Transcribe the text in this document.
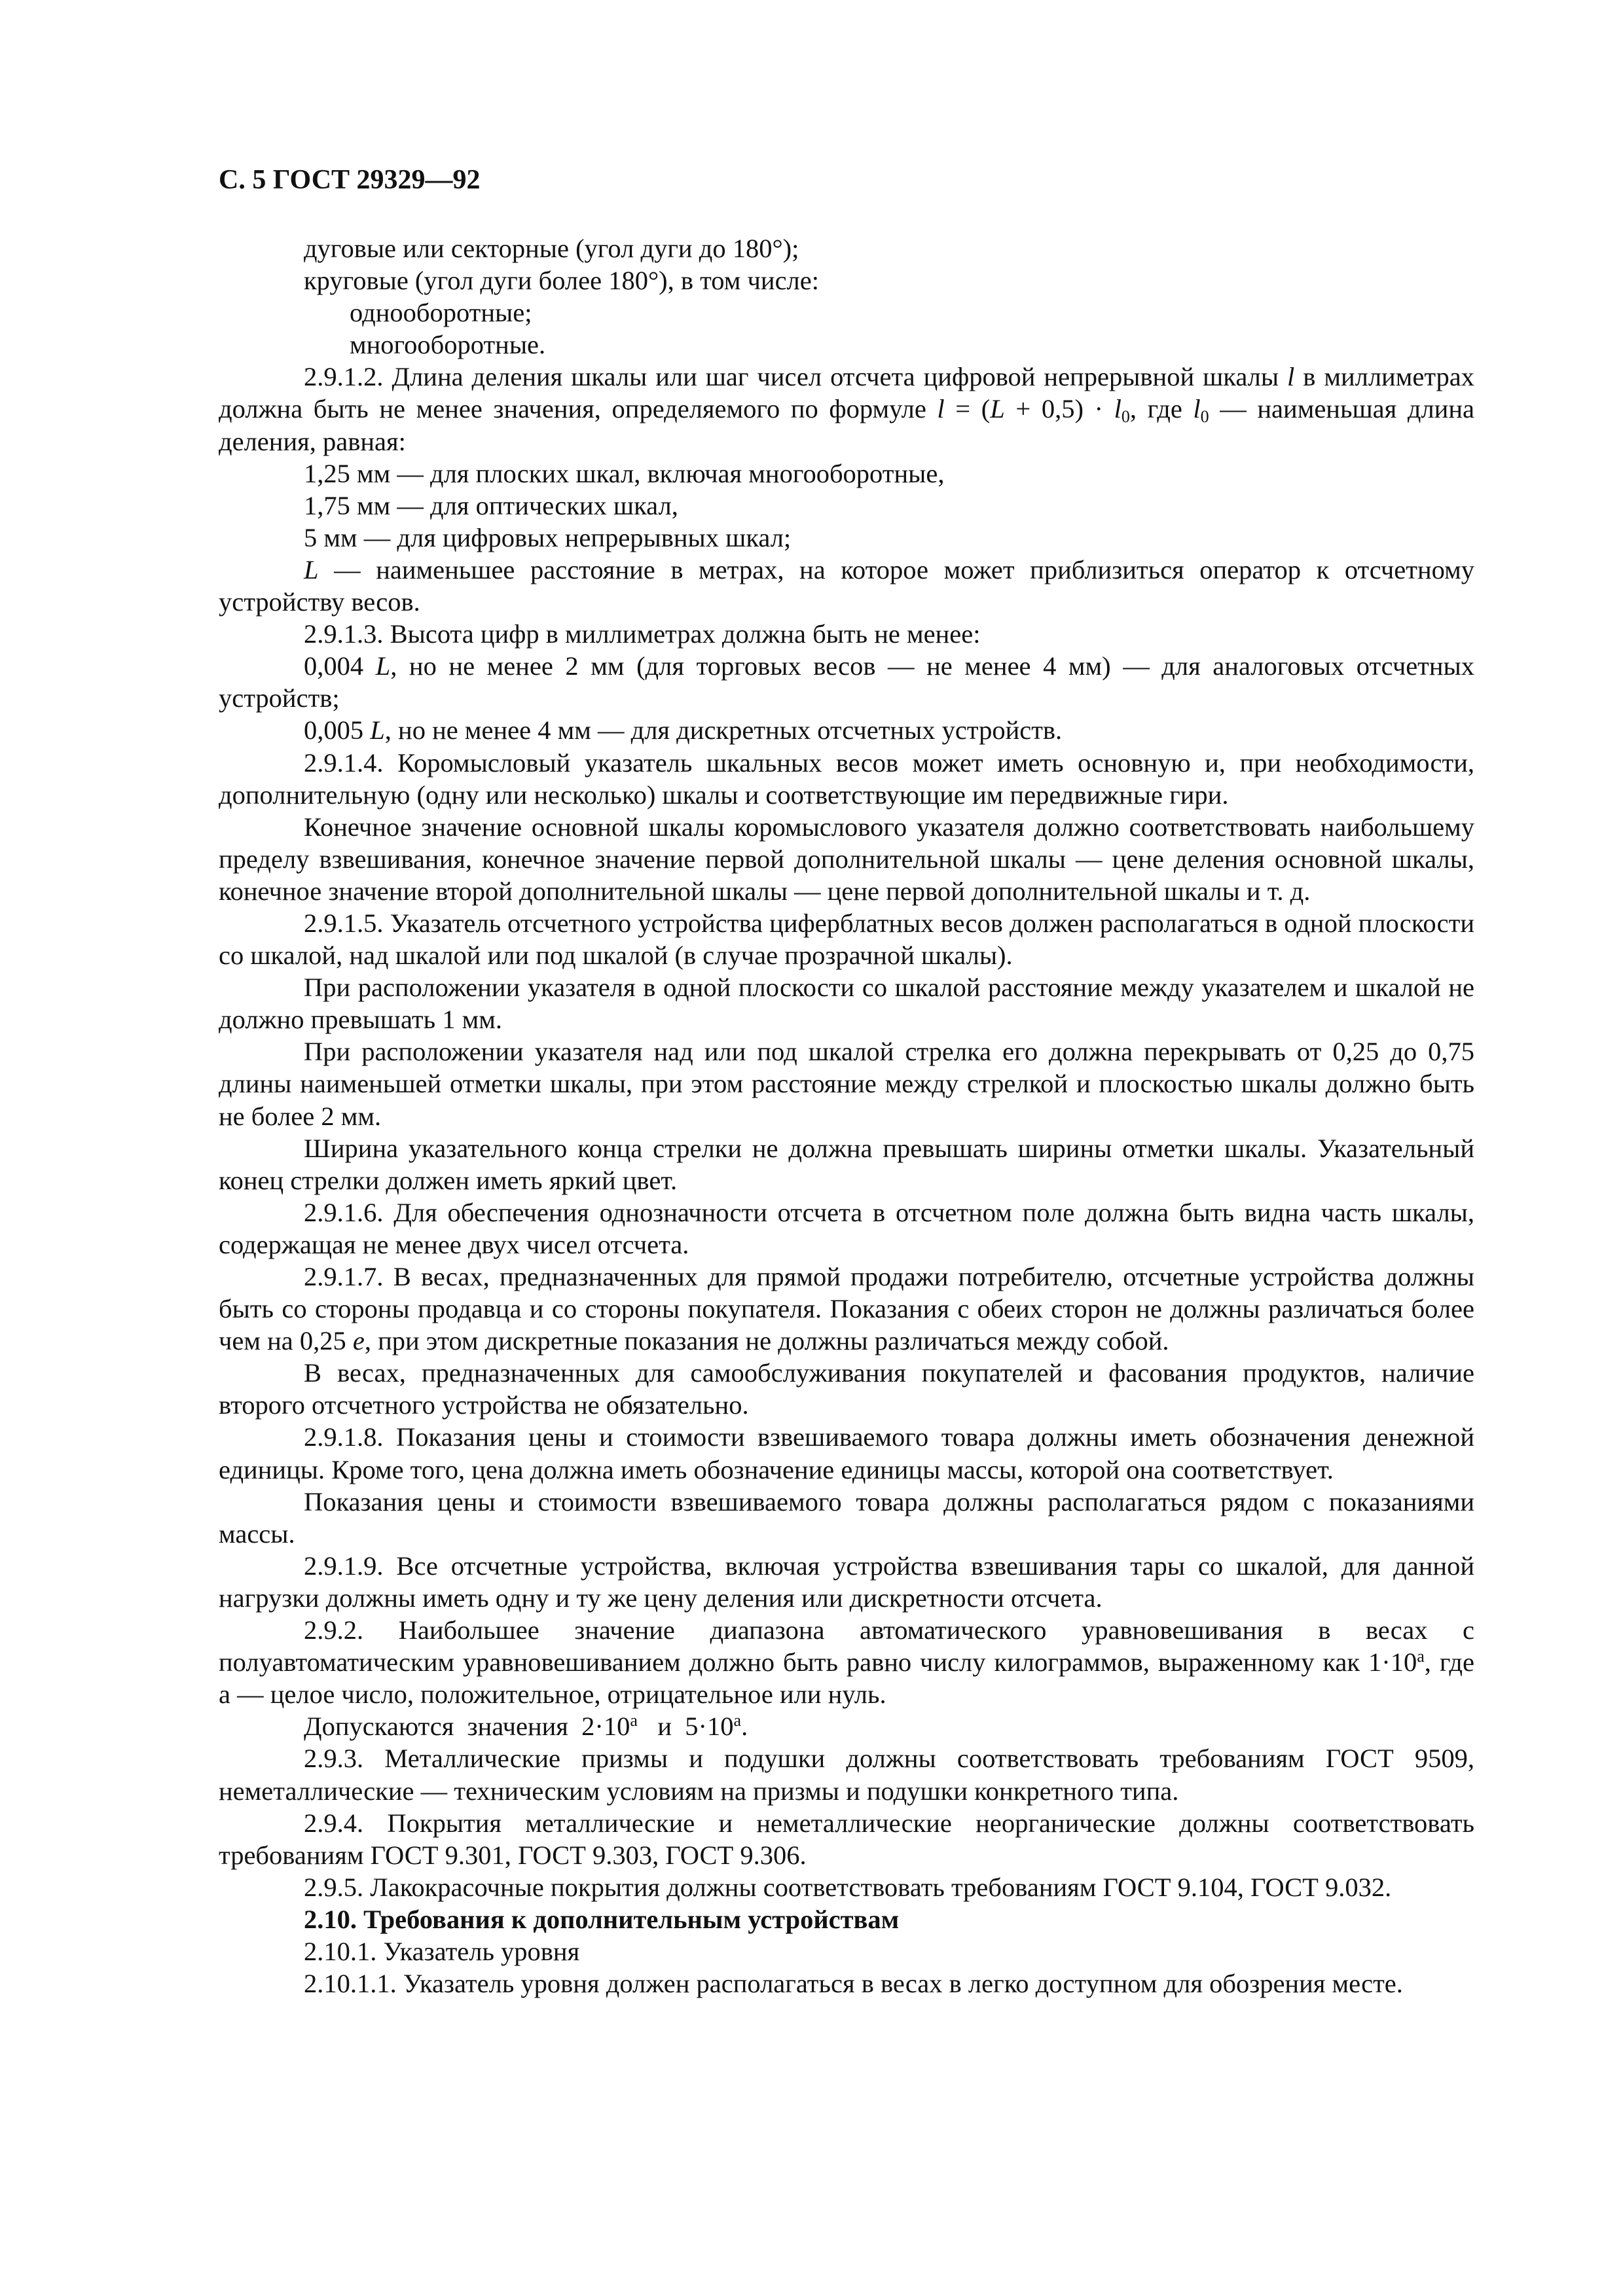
С. 5 ГОСТ 29329—92
дуговые или секторные (угол дуги до 180°);
круговые (угол дуги более 180°), в том числе:
однооборотные;
многооборотные.
2.9.1.2. Длина деления шкалы или шаг чисел отсчета цифровой непрерывной шкалы l в миллиметрах должна быть не менее значения, определяемого по формуле $l = (L + 0,5) \cdot l_0$, где $l_0$ — наименьшая длина деления, равная:
1,25 мм — для плоских шкал, включая многооборотные,
1,75 мм — для оптических шкал,
5 мм — для цифровых непрерывных шкал;
L — наименьшее расстояние в метрах, на которое может приблизиться оператор к отсчетному устройству весов.
2.9.1.3. Высота цифр в миллиметрах должна быть не менее:
0,004 L, но не менее 2 мм (для торговых весов — не менее 4 мм) — для аналоговых отсчетных устройств;
0,005 L, но не менее 4 мм — для дискретных отсчетных устройств.
2.9.1.4. Коромысловый указатель шкальных весов может иметь основную и, при необходимости, дополнительную (одну или несколько) шкалы и соответствующие им передвижные гири.
Конечное значение основной шкалы коромыслового указателя должно соответствовать наибольшему пределу взвешивания, конечное значение первой дополнительной шкалы — цене деления основной шкалы, конечное значение второй дополнительной шкалы — цене первой дополнительной шкалы и т. д.
2.9.1.5. Указатель отсчетного устройства циферблатных весов должен располагаться в одной плоскости со шкалой, над шкалой или под шкалой (в случае прозрачной шкалы).
При расположении указателя в одной плоскости со шкалой расстояние между указателем и шкалой не должно превышать 1 мм.
При расположении указателя над или под шкалой стрелка его должна перекрывать от 0,25 до 0,75 длины наименьшей отметки шкалы, при этом расстояние между стрелкой и плоскостью шкалы должно быть не более 2 мм.
Ширина указательного конца стрелки не должна превышать ширины отметки шкалы. Указательный конец стрелки должен иметь яркий цвет.
2.9.1.6. Для обеспечения однозначности отсчета в отсчетном поле должна быть видна часть шкалы, содержащая не менее двух чисел отсчета.
2.9.1.7. В весах, предназначенных для прямой продажи потребителю, отсчетные устройства должны быть со стороны продавца и со стороны покупателя. Показания с обеих сторон не должны различаться более чем на 0,25 e, при этом дискретные показания не должны различаться между собой.
В весах, предназначенных для самообслуживания покупателей и фасования продуктов, наличие второго отсчетного устройства не обязательно.
2.9.1.8. Показания цены и стоимости взвешиваемого товара должны иметь обозначения денежной единицы. Кроме того, цена должна иметь обозначение единицы массы, которой она соответствует.
Показания цены и стоимости взвешиваемого товара должны располагаться рядом с показаниями массы.
2.9.1.9. Все отсчетные устройства, включая устройства взвешивания тары со шкалой, для данной нагрузки должны иметь одну и ту же цену деления или дискретности отсчета.
2.9.2. Наибольшее значение диапазона автоматического уравновешивания в весах с полуавтоматическим уравновешиванием должно быть равно числу килограммов, выраженному как $1\cdot 10^а$, где а — целое число, положительное, отрицательное или нуль.
Допускаются  значения  $2\cdot 10^а$   и  $5\cdot 10^а$.
2.9.3. Металлические призмы и подушки должны соответствовать требованиям ГОСТ 9509, неметаллические — техническим условиям на призмы и подушки конкретного типа.
2.9.4. Покрытия металлические и неметаллические неорганические должны соответствовать требованиям ГОСТ 9.301, ГОСТ 9.303, ГОСТ 9.306.
2.9.5. Лакокрасочные покрытия должны соответствовать требованиям ГОСТ 9.104, ГОСТ 9.032.
2.10. Требования к дополнительным устройствам
2.10.1. Указатель уровня
2.10.1.1. Указатель уровня должен располагаться в весах в легко доступном для обозрения месте.
